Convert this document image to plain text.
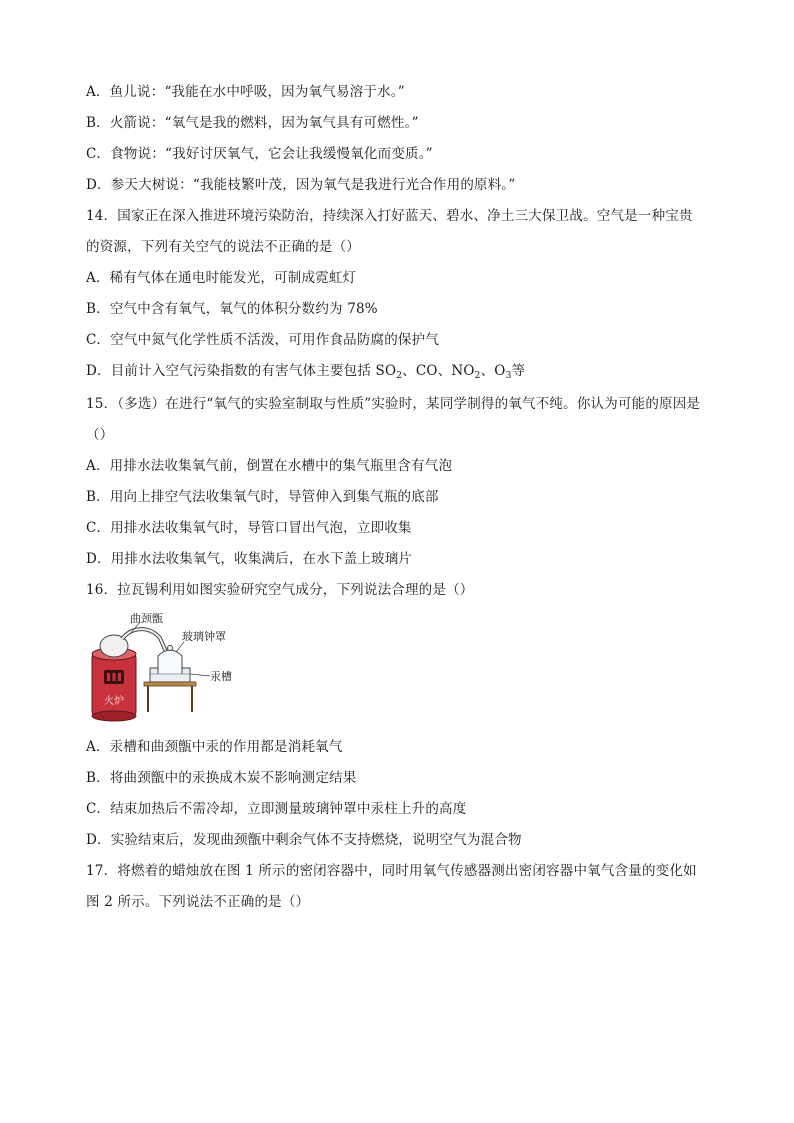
A．鱼儿说：“我能在水中呼吸，因为氧气易溶于水。”
B．火箭说：“氧气是我的燃料，因为氧气具有可燃性。”
C．食物说：“我好讨厌氧气，它会让我缓慢氧化而变质。”
D．参天大树说：“我能枝繁叶茂，因为氧气是我进行光合作用的原料。”
14．国家正在深入推进环境污染防治，持续深入打好蓝天、碧水、净土三大保卫战。空气是一种宝贵
的资源，下列有关空气的说法不正确的是（）
A．稀有气体在通电时能发光，可制成霓虹灯
B．空气中含有氧气，氧气的体积分数约为 78%
C．空气中氮气化学性质不活泼，可用作食品防腐的保护气
D．目前计入空气污染指数的有害气体主要包括 $SO_2$、CO、$NO_2$、$O_3$等
15．（多选）在进行“氧气的实验室制取与性质”实验时，某同学制得的氧气不纯。你认为可能的原因是
（）
A．用排水法收集氧气前，倒置在水槽中的集气瓶里含有气泡
B．用向上排空气法收集氧气时，导管伸入到集气瓶的底部
C．用排水法收集氧气时，导管口冒出气泡，立即收集
D．用排水法收集氧气，收集满后，在水下盖上玻璃片
16．拉瓦锡利用如图实验研究空气成分，下列说法合理的是（）
火炉
曲颈甑
玻璃钟罩
汞槽
A．汞槽和曲颈甑中汞的作用都是消耗氧气
B．将曲颈甑中的汞换成木炭不影响测定结果
C．结束加热后不需冷却，立即测量玻璃钟罩中汞柱上升的高度
D．实验结束后，发现曲颈甑中剩余气体不支持燃烧，说明空气为混合物
17．将燃着的蜡烛放在图 1 所示的密闭容器中，同时用氧气传感器测出密闭容器中氧气含量的变化如
图 2 所示。下列说法不正确的是（）
